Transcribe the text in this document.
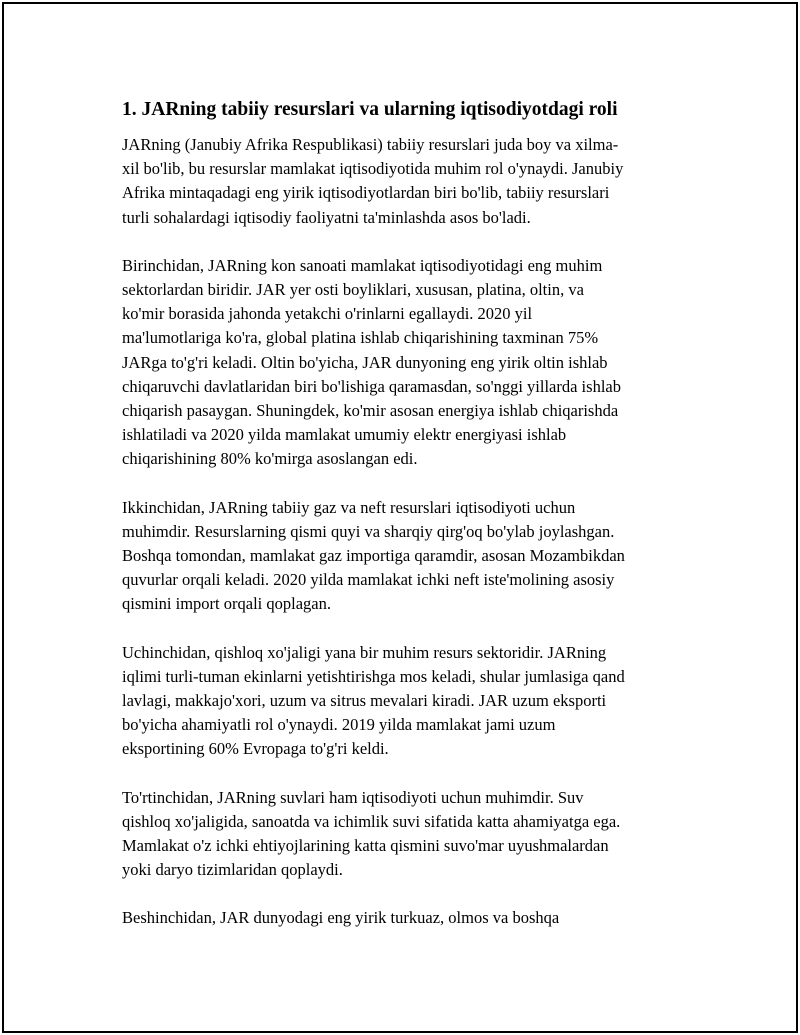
1. JARning tabiiy resurslari va ularning iqtisodiyotdagi roli

JARning (Janubiy Afrika Respublikasi) tabiiy resurslari juda boy va xilma-
xil bo'lib, bu resurslar mamlakat iqtisodiyotida muhim rol o'ynaydi. Janubiy
Afrika mintaqadagi eng yirik iqtisodiyotlardan biri bo'lib, tabiiy resurslari
turli sohalardagi iqtisodiy faoliyatni ta'minlashda asos bo'ladi.

Birinchidan, JARning kon sanoati mamlakat iqtisodiyotidagi eng muhim
sektorlardan biridir. JAR yer osti boyliklari, xususan, platina, oltin, va
ko'mir borasida jahonda yetakchi o'rinlarni egallaydi. 2020 yil
ma'lumotlariga ko'ra, global platina ishlab chiqarishining taxminan 75%
JARga to'g'ri keladi. Oltin bo'yicha, JAR dunyoning eng yirik oltin ishlab
chiqaruvchi davlatlaridan biri bo'lishiga qaramasdan, so'nggi yillarda ishlab
chiqarish pasaygan. Shuningdek, ko'mir asosan energiya ishlab chiqarishda
ishlatiladi va 2020 yilda mamlakat umumiy elektr energiyasi ishlab
chiqarishining 80% ko'mirga asoslangan edi.

Ikkinchidan, JARning tabiiy gaz va neft resurslari iqtisodiyoti uchun
muhimdir. Resurslarning qismi quyi va sharqiy qirg'oq bo'ylab joylashgan.
Boshqa tomondan, mamlakat gaz importiga qaramdir, asosan Mozambikdan
quvurlar orqali keladi. 2020 yilda mamlakat ichki neft iste'molining asosiy
qismini import orqali qoplagan.

Uchinchidan, qishloq xo'jaligi yana bir muhim resurs sektoridir. JARning
iqlimi turli-tuman ekinlarni yetishtirishga mos keladi, shular jumlasiga qand
lavlagi, makkajo'xori, uzum va sitrus mevalari kiradi. JAR uzum eksporti
bo'yicha ahamiyatli rol o'ynaydi. 2019 yilda mamlakat jami uzum
eksportining 60% Evropaga to'g'ri keldi.

To'rtinchidan, JARning suvlari ham iqtisodiyoti uchun muhimdir. Suv
qishloq xo'jaligida, sanoatda va ichimlik suvi sifatida katta ahamiyatga ega.
Mamlakat o'z ichki ehtiyojlarining katta qismini suvo'mar uyushmalardan
yoki daryo tizimlaridan qoplaydi.

Beshinchidan, JAR dunyodagi eng yirik turkuaz, olmos va boshqa
